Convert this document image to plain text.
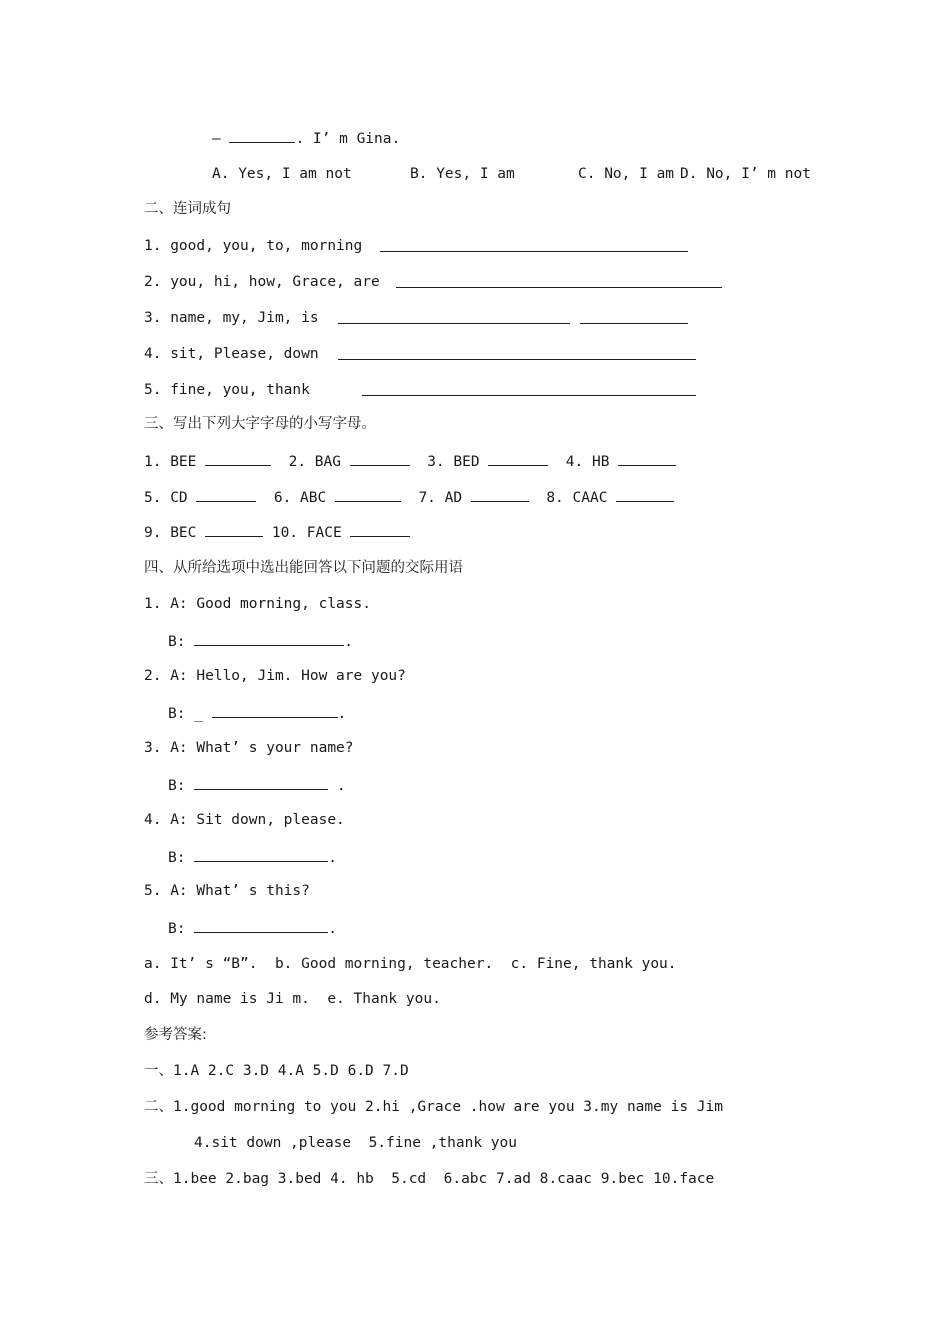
—	. I’ m Gina.
A. Yes, I am not	B. Yes, I am	C. No, I am D. No, I’ m not
二、连词成句
1. good, you, to, morning
2. you, hi, how, Grace, are
3. name, my, Jim, is
4. sit, Please, down
5. fine, you, thank
三、写出下列大字字母的小写字母。
1. BEE	2. BAG	3. BED	4. HB
5. CD	6. ABC	7. AD	8. CAAC
9. BEC	10. FACE
四、从所给选项中选出能回答以下问题的交际用语
1. A: Good morning, class.
B:	.
2. A: Hello, Jim. How are you?
B: _	.
3. A: What’ s your name?
B:	.
4. A: Sit down, please.
B:	.
5. A: What’ s this?
B:	.
a. It’ s “B”.  b. Good morning, teacher.  c. Fine, thank you.
d. My name is Ji m.  e. Thank you.
参考答案:
一、1.A 2.C 3.D 4.A 5.D 6.D 7.D
二、1.good morning to you 2.hi ,Grace .how are you 3.my name is Jim
4.sit down ,please  5.fine ,thank you
三、1.bee 2.bag 3.bed 4. hb  5.cd  6.abc 7.ad 8.caac 9.bec 10.face
